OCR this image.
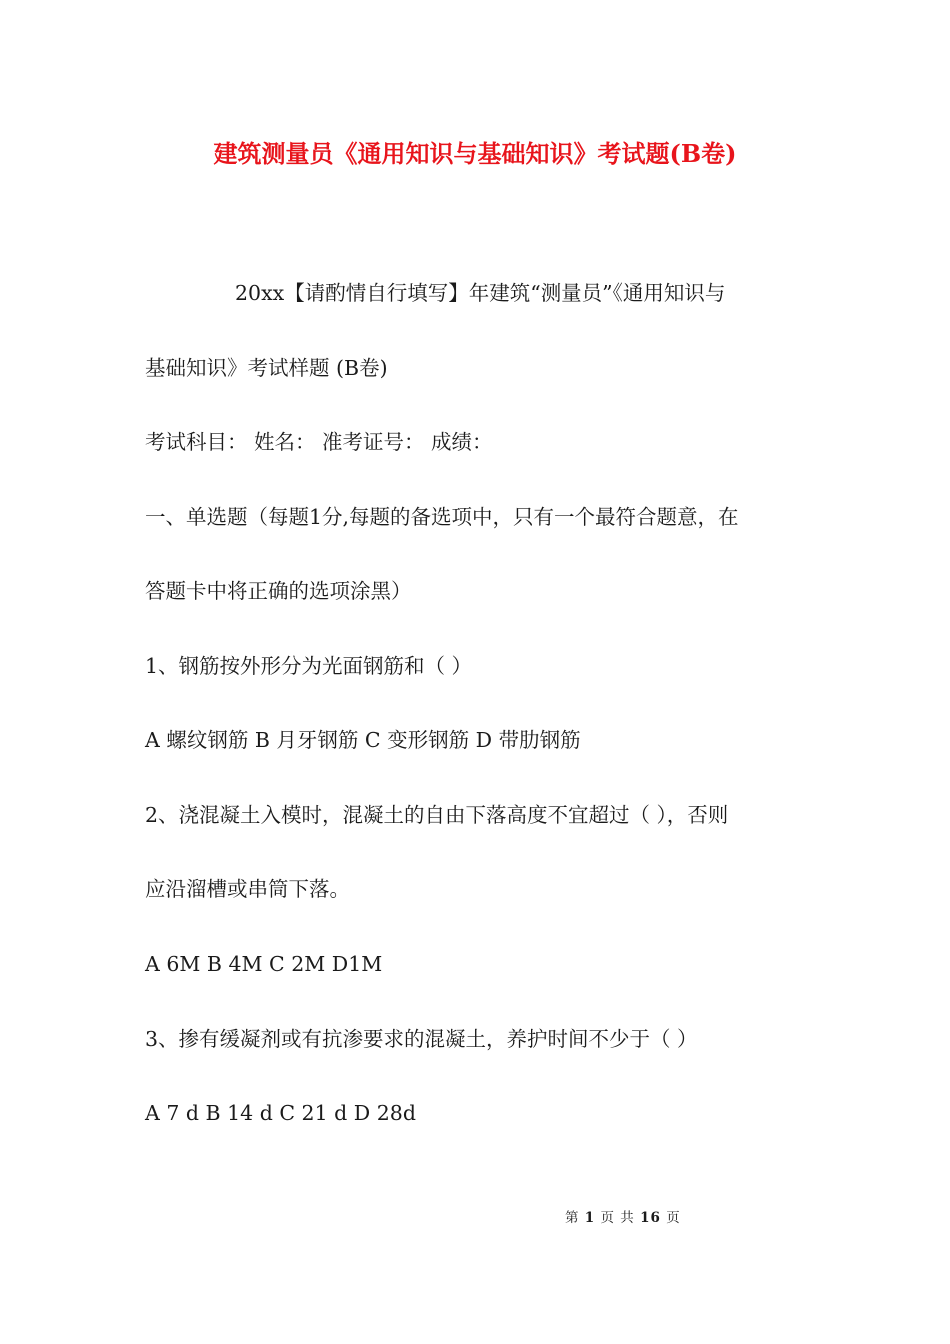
建筑测量员《通用知识与基础知识》考试题(B卷)

20xx【请酌情自行填写】年建筑“测量员”《通用知识与

基础知识》考试样题 (B卷)

考试科目： 姓名： 准考证号： 成绩：

一、单选题（每题1分,每题的备选项中，只有一个最符合题意，在

答题卡中将正确的选项涂黑）

1、钢筋按外形分为光面钢筋和（ ）

A 螺纹钢筋 B 月牙钢筋 C 变形钢筋 D 带肋钢筋

2、浇混凝土入模时，混凝土的自由下落高度不宜超过（ ），否则

应沿溜槽或串筒下落。

A 6M B 4M C 2M D1M

3、掺有缓凝剂或有抗渗要求的混凝土，养护时间不少于（ ）

A 7 d B 14 d C 21 d D 28d

第 1 页 共 16 页
